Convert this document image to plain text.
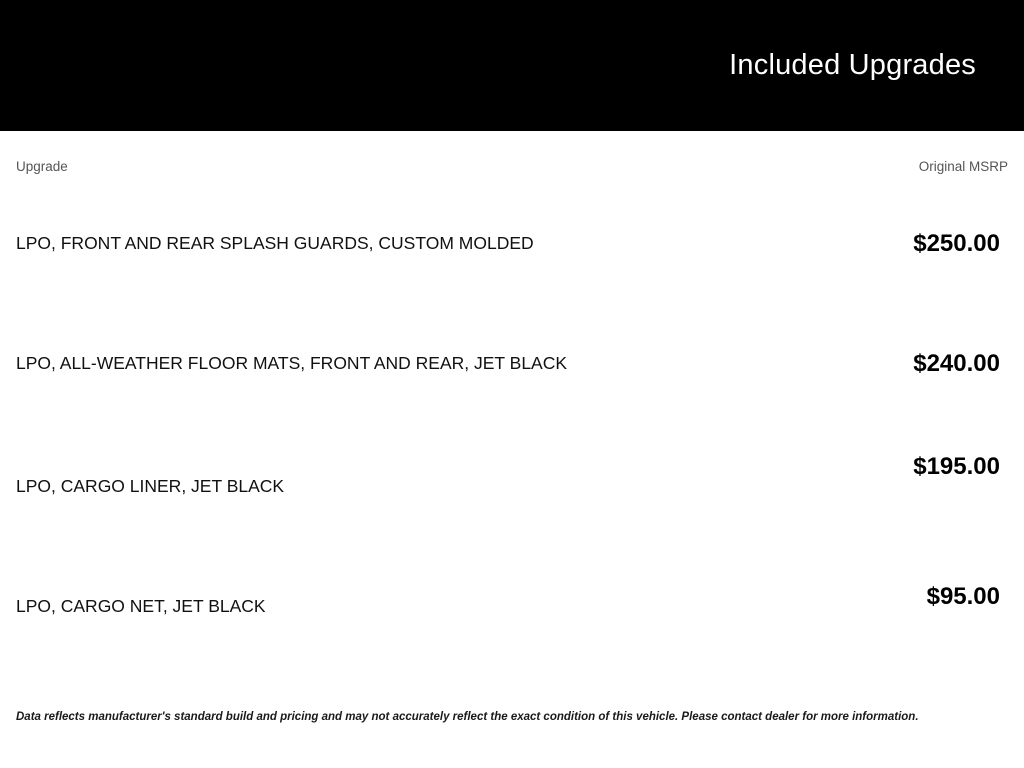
Included Upgrades
Upgrade	Original MSRP
LPO, FRONT AND REAR SPLASH GUARDS, CUSTOM MOLDED	$250.00
LPO, ALL-WEATHER FLOOR MATS, FRONT AND REAR, JET BLACK	$240.00
LPO, CARGO LINER, JET BLACK	$195.00
LPO, CARGO NET, JET BLACK	$95.00
Data reflects manufacturer's standard build and pricing and may not accurately reflect the exact condition of this vehicle. Please contact dealer for more information.
